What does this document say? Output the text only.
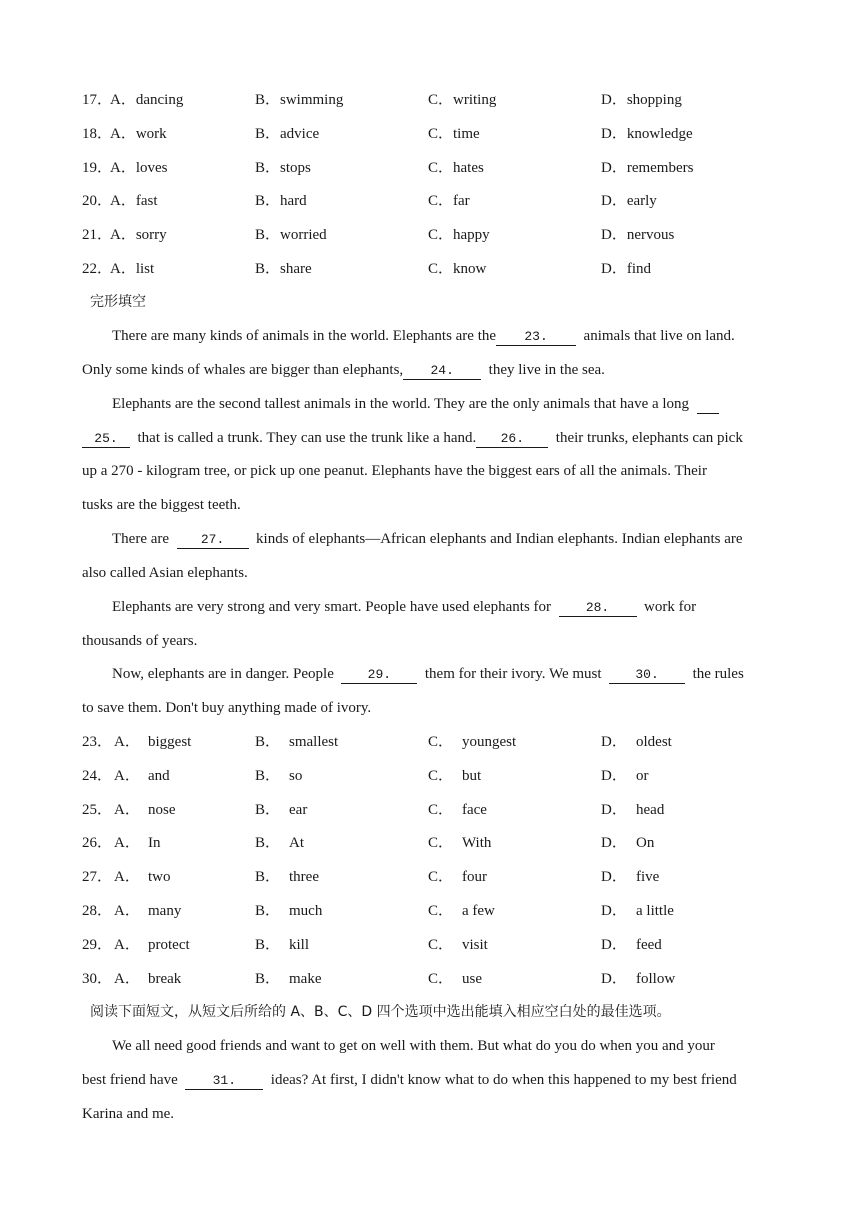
17．
A．dancing	B．swimming	C．writing	D．shopping
18．
A．work	B．advice	C．time	D．knowledge
19．
A．loves	B．stops	C．hates	D．remembers
20．
A．fast	B．hard	C．far	D．early
21．
A．sorry	B．worried	C．happy	D．nervous
22．
A．list	B．share	C．know	D．find
完形填空
There are many kinds of animals in the world. Elephants are the 23. animals that live on land.
Only some kinds of whales are bigger than elephants, 24. they live in the sea.
Elephants are the second tallest animals in the world. They are the only animals that have a long
25. that is called a trunk. They can use the trunk like a hand. 26. their trunks, elephants can pick
up a 270 - kilogram tree, or pick up one peanut. Elephants have the biggest ears of all the animals. Their
tusks are the biggest teeth.
There are 27. kinds of elephants—African elephants and Indian elephants. Indian elephants are
also called Asian elephants.
Elephants are very strong and very smart. People have used elephants for	28. work for
thousands of years.
Now, elephants are in danger. People	29. them for their ivory. We must	30. the rules
to save them. Don't buy anything made of ivory.
23． A． biggest	B． smallest	C． youngest	D． oldest
24． A． and	B． so	C． but	D． or
25． A． nose	B． ear	C． face	D． head
26． A． In	B． At	C． With	D． On
27． A． two	B． three	C． four	D． five
28． A． many	B． much	C． a few	D． a little
29． A． protect	B． kill	C． visit	D． feed
30． A． break	B． make	C． use	D． follow
阅读下面短文，从短文后所给的 A、B、C、D 四个选项中选出能填入相应空白处的最佳选项。
We all need good friends and want to get on well with them. But what do you do when you and your
best friend have	31. ideas? At first, I didn't know what to do when this happened to my best friend
Karina and me.
